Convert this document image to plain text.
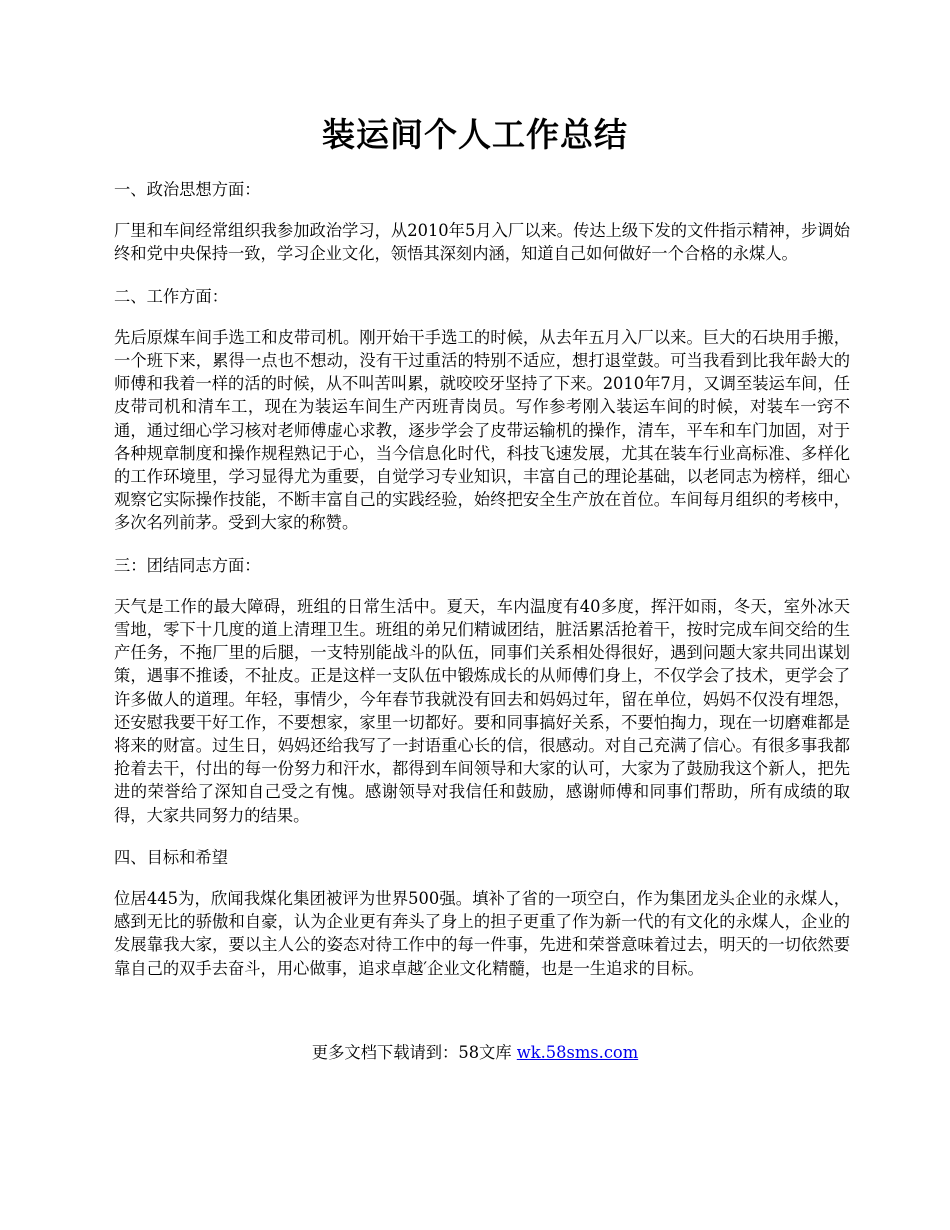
装运间个人工作总结

一、政治思想方面：

厂里和车间经常组织我参加政治学习，从2010年5月入厂以来。传达上级下发的文件指示精神，步调始终和党中央保持一致，学习企业文化，领悟其深刻内涵，知道自己如何做好一个合格的永煤人。

二、工作方面：

先后原煤车间手选工和皮带司机。刚开始干手选工的时候，从去年五月入厂以来。巨大的石块用手搬，一个班下来，累得一点也不想动，没有干过重活的特别不适应，想打退堂鼓。可当我看到比我年龄大的师傅和我着一样的活的时候，从不叫苦叫累，就咬咬牙坚持了下来。2010年7月，又调至装运车间，任皮带司机和清车工，现在为装运车间生产丙班青岗员。写作参考刚入装运车间的时候，对装车一窍不通，通过细心学习核对老师傅虚心求教，逐步学会了皮带运输机的操作，清车，平车和车门加固，对于各种规章制度和操作规程熟记于心，当今信息化时代，科技飞速发展，尤其在装车行业高标准、多样化的工作环境里，学习显得尤为重要，自觉学习专业知识，丰富自己的理论基础，以老同志为榜样，细心观察它实际操作技能，不断丰富自己的实践经验，始终把安全生产放在首位。车间每月组织的考核中，多次名列前茅。受到大家的称赞。

三：团结同志方面：

天气是工作的最大障碍，班组的日常生活中。夏天，车内温度有40多度，挥汗如雨，冬天，室外冰天雪地，零下十几度的道上清理卫生。班组的弟兄们精诚团结，脏活累活抢着干，按时完成车间交给的生产任务，不拖厂里的后腿，一支特别能战斗的队伍，同事们关系相处得很好，遇到问题大家共同出谋划策，遇事不推诿，不扯皮。正是这样一支队伍中锻炼成长的从师傅们身上，不仅学会了技术，更学会了许多做人的道理。年轻，事情少，今年春节我就没有回去和妈妈过年，留在单位，妈妈不仅没有埋怨，还安慰我要干好工作，不要想家，家里一切都好。要和同事搞好关系，不要怕掏力，现在一切磨难都是将来的财富。过生日，妈妈还给我写了一封语重心长的信，很感动。对自己充满了信心。有很多事我都抢着去干，付出的每一份努力和汗水，都得到车间领导和大家的认可，大家为了鼓励我这个新人，把先进的荣誉给了深知自己受之有愧。感谢领导对我信任和鼓励，感谢师傅和同事们帮助，所有成绩的取得，大家共同努力的结果。

四、目标和希望

位居445为，欣闻我煤化集团被评为世界500强。填补了省的一项空白，作为集团龙头企业的永煤人，感到无比的骄傲和自豪，认为企业更有奔头了身上的担子更重了作为新一代的有文化的永煤人，企业的发展靠我大家，要以主人公的姿态对待工作中的每一件事，先进和荣誉意味着过去，明天的一切依然要靠自己的双手去奋斗，用心做事，追求卓越′企业文化精髓，也是一生追求的目标。

更多文档下载请到：58文库 wk.58sms.com
